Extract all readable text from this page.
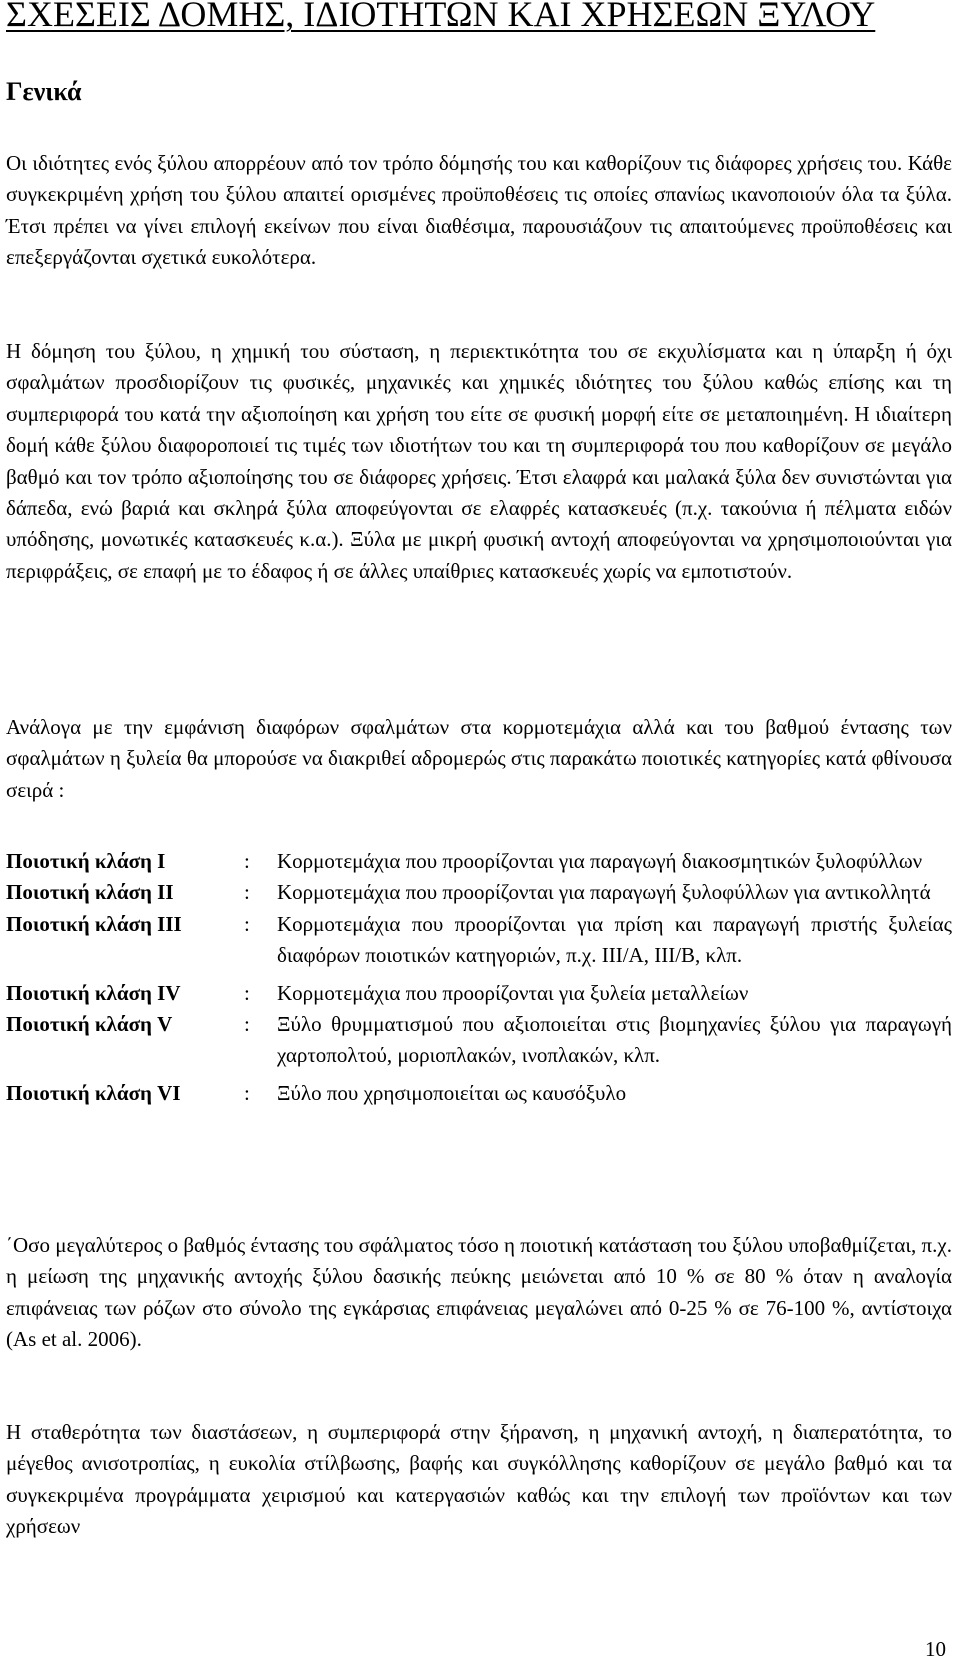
ΣΧΕΣΕΙΣ ΔΟΜΗΣ, ΙΔΙΟΤΗΤΩΝ ΚΑΙ ΧΡΗΣΕΩΝ ΞΥΛΟΥ
Γενικά

Οι ιδιότητες ενός ξύλου απορρέουν από τον τρόπο δόμησής του και καθορίζουν τις διάφορες χρήσεις του. Κάθε συγκεκριμένη χρήση του ξύλου απαιτεί ορισμένες προϋποθέσεις τις οποίες σπανίως ικανοποιούν όλα τα ξύλα. Έτσι πρέπει να γίνει επιλογή εκείνων που είναι διαθέσιμα, παρουσιάζουν τις απαιτούμενες προϋποθέσεις και επεξεργάζονται σχετικά ευκολότερα.

Η δόμηση του ξύλου, η χημική του σύσταση, η περιεκτικότητα του σε εκχυλίσματα και η ύπαρξη ή όχι σφαλμάτων προσδιορίζουν τις φυσικές, μηχανικές και χημικές ιδιότητες του ξύλου καθώς επίσης και τη συμπεριφορά του κατά την αξιοποίηση και χρήση του είτε σε φυσική μορφή είτε σε μεταποιημένη. Η ιδιαίτερη δομή κάθε ξύλου διαφοροποιεί τις τιμές των ιδιοτήτων του και τη συμπεριφορά του που καθορίζουν σε μεγάλο βαθμό και τον τρόπο αξιοποίησης του σε διάφορες χρήσεις. Έτσι ελαφρά και μαλακά ξύλα δεν συνιστώνται για δάπεδα, ενώ βαριά και σκληρά ξύλα αποφεύγονται σε ελαφρές κατασκευές (π.χ. τακούνια ή πέλματα ειδών υπόδησης, μονωτικές κατασκευές κ.α.). Ξύλα με μικρή φυσική αντοχή αποφεύγονται να χρησιμοποιούνται για περιφράξεις, σε επαφή με το έδαφος ή σε άλλες υπαίθριες κατασκευές χωρίς να εμποτιστούν.

Ανάλογα με την εμφάνιση διαφόρων σφαλμάτων στα κορμοτεμάχια αλλά και του βαθμού έντασης των σφαλμάτων η ξυλεία θα μπορούσε να διακριθεί αδρομερώς στις παρακάτω ποιοτικές κατηγορίες κατά φθίνουσα σειρά :

Ποιοτική κλάση Ι	:	Κορμοτεμάχια που προορίζονται για παραγωγή διακοσμητικών ξυλοφύλλων
Ποιοτική κλάση ΙΙ	:	Κορμοτεμάχια που προορίζονται για παραγωγή ξυλοφύλλων για αντικολλητά
Ποιοτική κλάση ΙΙΙ	:	Κορμοτεμάχια που προορίζονται για πρίση και παραγωγή πριστής ξυλείας διαφόρων ποιοτικών κατηγοριών, π.χ. ΙΙΙ/Α, ΙΙΙ/Β, κλπ.
Ποιοτική κλάση ΙV	:	Κορμοτεμάχια που προορίζονται για ξυλεία μεταλλείων
Ποιοτική κλάση V	:	Ξύλο θρυμματισμού που αξιοποιείται στις βιομηχανίες ξύλου για παραγωγή χαρτοπολτού, μοριοπλακών, ινοπλακών, κλπ.
Ποιοτική κλάση VΙ	:	Ξύλο που χρησιμοποιείται ως καυσόξυλο

΄Οσο μεγαλύτερος ο βαθμός έντασης του σφάλματος τόσο η ποιοτική κατάσταση του ξύλου υποβαθμίζεται, π.χ. η μείωση της μηχανικής αντοχής ξύλου δασικής πεύκης μειώνεται από 10 % σε 80 % όταν η αναλογία επιφάνειας των ρόζων στο σύνολο της εγκάρσιας επιφάνειας μεγαλώνει από 0-25 % σε 76-100 %, αντίστοιχα (As et al. 2006).

Η σταθερότητα των διαστάσεων, η συμπεριφορά στην ξήρανση, η μηχανική αντοχή, η διαπερατότητα, το μέγεθος ανισοτροπίας, η ευκολία στίλβωσης, βαφής και συγκόλλησης καθορίζουν σε μεγάλο βαθμό και τα συγκεκριμένα προγράμματα χειρισμού και κατεργασιών καθώς και την επιλογή των προϊόντων και των χρήσεων

10
